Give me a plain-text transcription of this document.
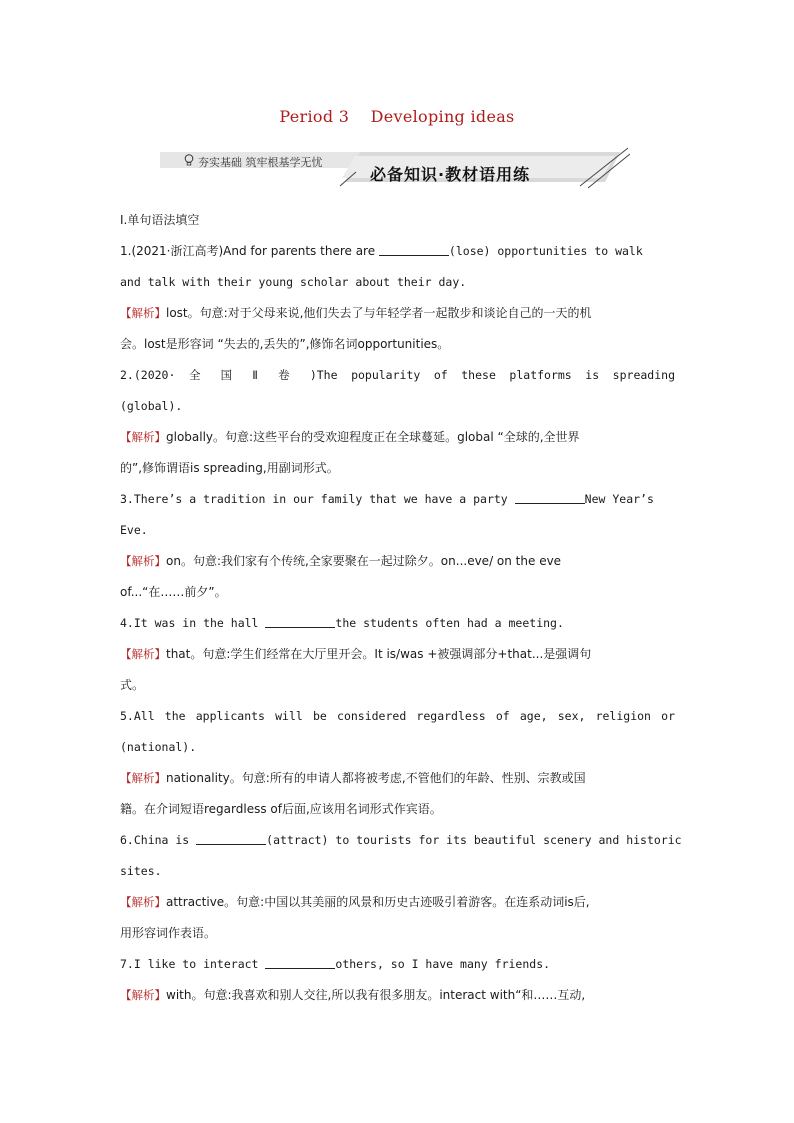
Period 3 Developing ideas
夯实基础 筑牢根基学无忧
必备知识·教材语用练

Ⅰ.单句语法填空

1.(2021·浙江高考)And for parents there are	(lose) opportunities to walk

and talk with their young scholar about their day.

【解析】lost。句意:对于父母来说,他们失去了与年轻学者一起散步和谈论自己的一天的机

会。lost是形容词 “失去的,丢失的”,修饰名词opportunities。

2.(2020· 全 国 Ⅱ 卷 )The popularity of these platforms is spreading

(global).

【解析】globally。句意:这些平台的受欢迎程度正在全球蔓延。global “全球的,全世界

的”,修饰谓语is spreading,用副词形式。

3.There’s a tradition in our family that we have a party	New Year’s

Eve.

【解析】on。句意:我们家有个传统,全家要聚在一起过除夕。on...eve/ on the eve

of...“在……前夕”。

4.It was in the hall	the students often had a meeting.

【解析】that。句意:学生们经常在大厅里开会。It is/was +被强调部分+that...是强调句

式。

5.All the applicants will be considered regardless of age, sex, religion or

(national).

【解析】nationality。句意:所有的申请人都将被考虑,不管他们的年龄、性别、宗教或国

籍。在介词短语regardless of后面,应该用名词形式作宾语。

6.China is	(attract) to tourists for its beautiful scenery and historic

sites.

【解析】attractive。句意:中国以其美丽的风景和历史古迹吸引着游客。在连系动词is后,

用形容词作表语。

7.I like to interact	others, so I have many friends.

【解析】with。句意:我喜欢和别人交往,所以我有很多朋友。interact with“和……互动,
